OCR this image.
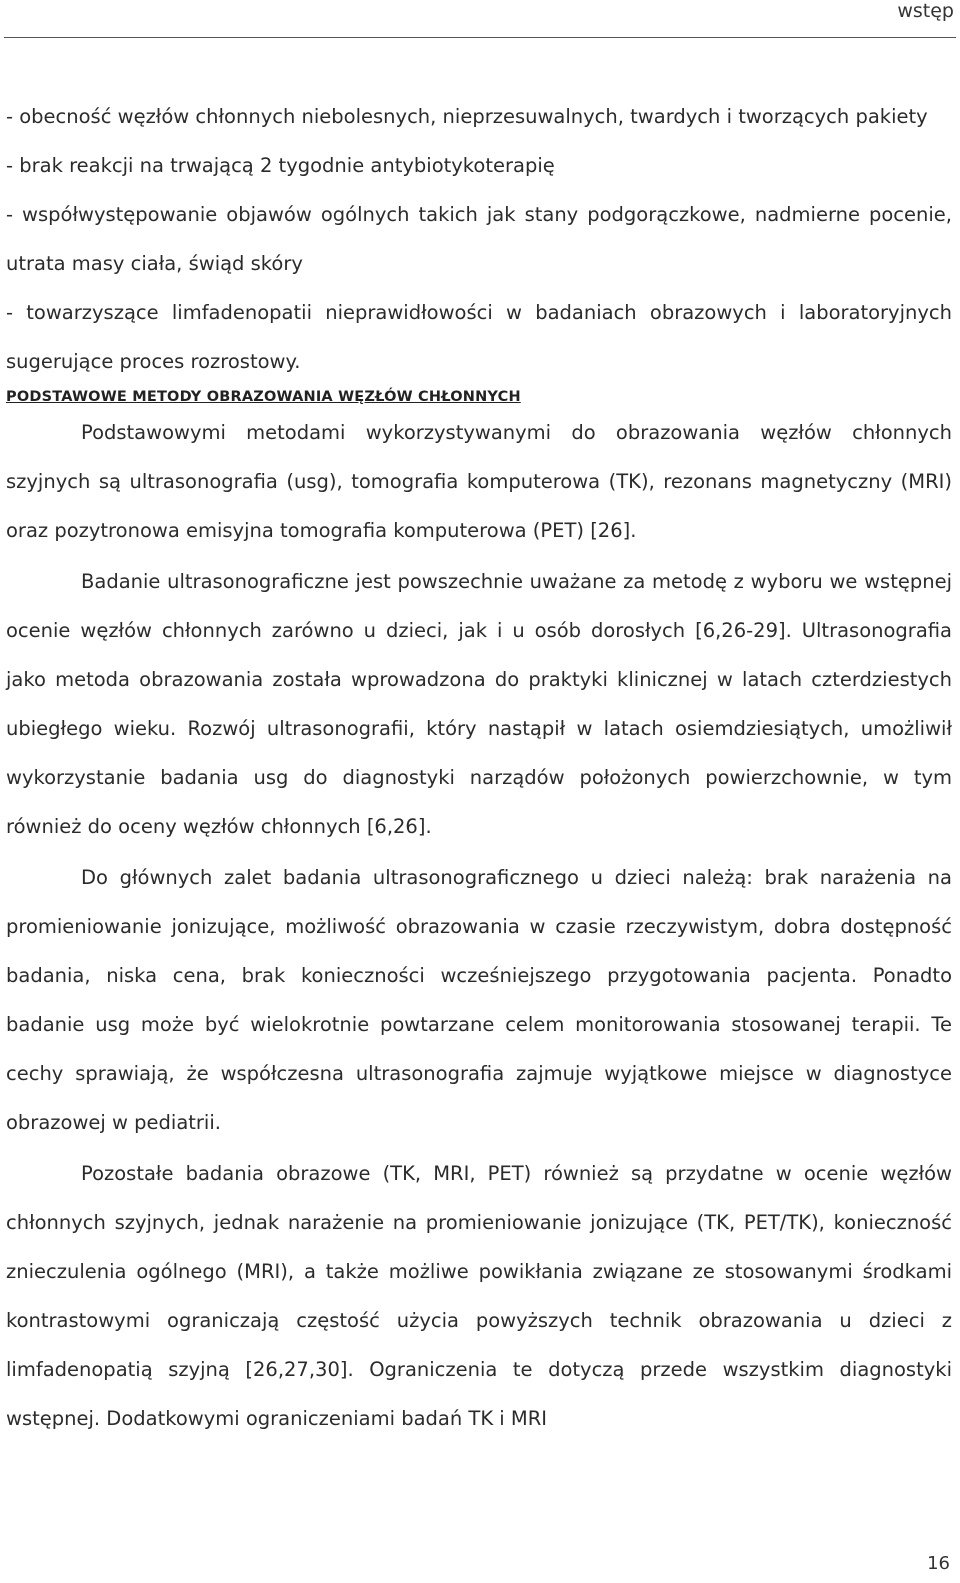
wstęp

- obecność węzłów chłonnych niebolesnych, nieprzesuwalnych, twardych i tworzących pakiety

- brak reakcji na trwającą 2 tygodnie antybiotykoterapię

- współwystępowanie objawów ogólnych takich jak stany podgorączkowe, nadmierne pocenie, utrata masy ciała, świąd skóry

- towarzyszące limfadenopatii nieprawidłowości w badaniach obrazowych i laboratoryjnych sugerujące proces rozrostowy.

PODSTAWOWE METODY OBRAZOWANIA WĘZŁÓW CHŁONNYCH

Podstawowymi metodami wykorzystywanymi do obrazowania węzłów chłonnych szyjnych są ultrasonografia (usg), tomografia komputerowa (TK), rezonans magnetyczny (MRI) oraz pozytronowa emisyjna tomografia komputerowa (PET) [26].

Badanie ultrasonograficzne jest powszechnie uważane za metodę z wyboru we wstępnej ocenie węzłów chłonnych zarówno u dzieci, jak i u osób dorosłych [6,26-29]. Ultrasonografia jako metoda obrazowania została wprowadzona do praktyki klinicznej w latach czterdziestych ubiegłego wieku. Rozwój ultrasonografii, który nastąpił w latach osiemdziesiątych, umożliwił wykorzystanie badania usg do diagnostyki narządów położonych powierzchownie, w tym również do oceny węzłów chłonnych [6,26].

Do głównych zalet badania ultrasonograficznego u dzieci należą: brak narażenia na promieniowanie jonizujące, możliwość obrazowania w czasie rzeczywistym, dobra dostępność badania, niska cena, brak konieczności wcześniejszego przygotowania pacjenta. Ponadto badanie usg może być wielokrotnie powtarzane celem monitorowania stosowanej terapii. Te cechy sprawiają, że współczesna ultrasonografia zajmuje wyjątkowe miejsce w diagnostyce obrazowej w pediatrii.

Pozostałe badania obrazowe (TK, MRI, PET) również są przydatne w ocenie węzłów chłonnych szyjnych, jednak narażenie na promieniowanie jonizujące (TK, PET/TK), konieczność znieczulenia ogólnego (MRI), a także możliwe powikłania związane ze stosowanymi środkami kontrastowymi ograniczają częstość użycia powyższych technik obrazowania u dzieci z limfadenopatią szyjną [26,27,30]. Ograniczenia te dotyczą przede wszystkim diagnostyki wstępnej. Dodatkowymi ograniczeniami badań TK i MRI

16
